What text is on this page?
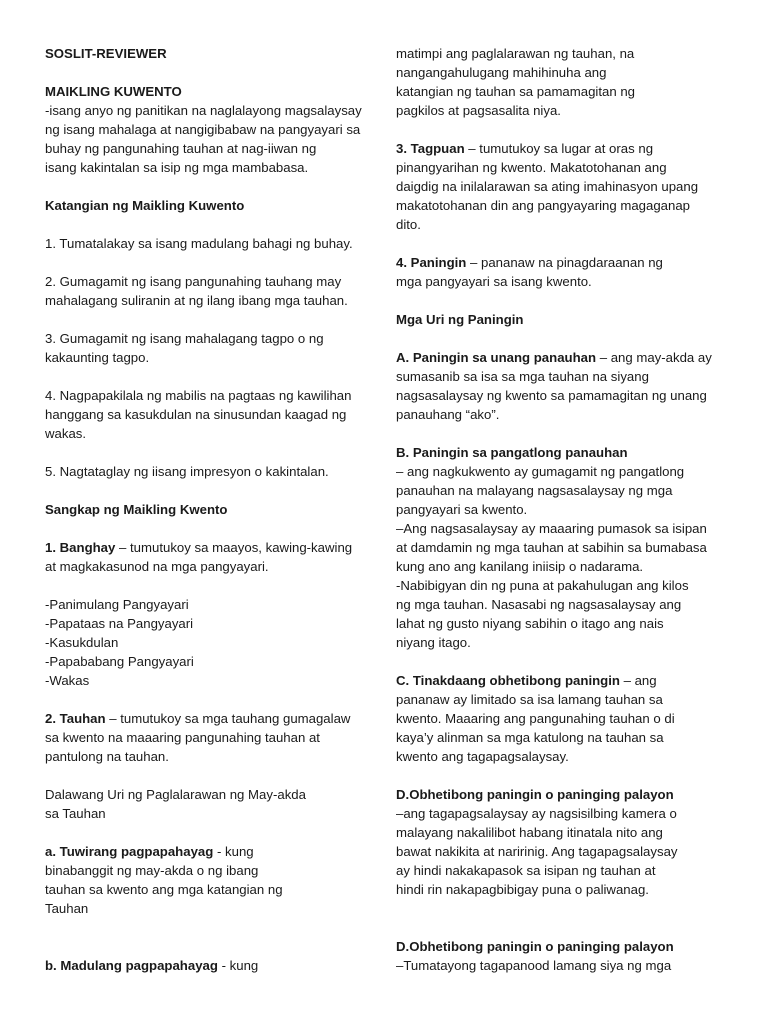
SOSLIT-REVIEWER
MAIKLING KUWENTO
-isang anyo ng panitikan na naglalayong magsalaysay
ng isang mahalaga at nangigibabaw na pangyayari sa
buhay ng pangunahing tauhan at nag-iiwan ng
isang kakintalan sa isip ng mga mambabasa.
Katangian ng Maikling Kuwento
1. Tumatalakay sa isang madulang bahagi ng buhay.
2. Gumagamit ng isang pangunahing tauhang may
mahalagang suliranin at ng ilang ibang mga tauhan.
3. Gumagamit ng isang mahalagang tagpo o ng
kakaunting tagpo.
4. Nagpapakilala ng mabilis na pagtaas ng kawilihan
hanggang sa kasukdulan na sinusundan kaagad ng
wakas.
5. Nagtataglay ng iisang impresyon o kakintalan.
Sangkap ng Maikling Kwento
1. Banghay – tumutukoy sa maayos, kawing-kawing
at magkakasunod na mga pangyayari.
-Panimulang Pangyayari
-Papataas na Pangyayari
-Kasukdulan
-Papababang Pangyayari
-Wakas
2. Tauhan – tumutukoy sa mga tauhang gumagalaw
sa kwento na maaaring pangunahing tauhan at
pantulong na tauhan.
Dalawang Uri ng Paglalarawan ng May-akda
sa Tauhan
a. Tuwirang pagpapahayag - kung
binabanggit ng may-akda o ng ibang
tauhan sa kwento ang mga katangian ng
Tauhan
b. Madulang pagpapahayag - kung
matimpi ang paglalarawan ng tauhan, na
nangangahulugang mahihinuha ang
katangian ng tauhan sa pamamagitan ng
pagkilos at pagsasalita niya.
3. Tagpuan – tumutukoy sa lugar at oras ng
pinangyarihan ng kwento. Makatotohanan ang
daigdig na inilalarawan sa ating imahinasyon upang
makatotohanan din ang pangyayaring magaganap
dito.
4. Paningin – pananaw na pinagdaraanan ng
mga pangyayari sa isang kwento.
Mga Uri ng Paningin
A. Paningin sa unang panauhan – ang may-akda ay
sumasanib sa isa sa mga tauhan na siyang
nagsasalaysay ng kwento sa pamamagitan ng unang
panauhang “ako”.
B. Paningin sa pangatlong panauhan
– ang nagkukwento ay gumagamit ng pangatlong
panauhan na malayang nagsasalaysay ng mga
pangyayari sa kwento.
–Ang nagsasalaysay ay maaaring pumasok sa isipan
at damdamin ng mga tauhan at sabihin sa bumabasa
kung ano ang kanilang iniisip o nadarama.
-Nabibigyan din ng puna at pakahulugan ang kilos
ng mga tauhan. Nasasabi ng nagsasalaysay ang
lahat ng gusto niyang sabihin o itago ang nais
niyang itago.
C. Tinakdaang obhetibong paningin – ang
pananaw ay limitado sa isa lamang tauhan sa
kwento. Maaaring ang pangunahing tauhan o di
kaya’y alinman sa mga katulong na tauhan sa
kwento ang tagapagsalaysay.
D.Obhetibong paningin o paninging palayon
–ang tagapagsalaysay ay nagsisilbing kamera o
malayang nakalilibot habang itinatala nito ang
bawat nakikita at naririnig. Ang tagapagsalaysay
ay hindi nakakapasok sa isipan ng tauhan at
hindi rin nakapagbibigay puna o paliwanag.
D.Obhetibong paningin o paninging palayon
–Tumatayong tagapanood lamang siya ng mga
